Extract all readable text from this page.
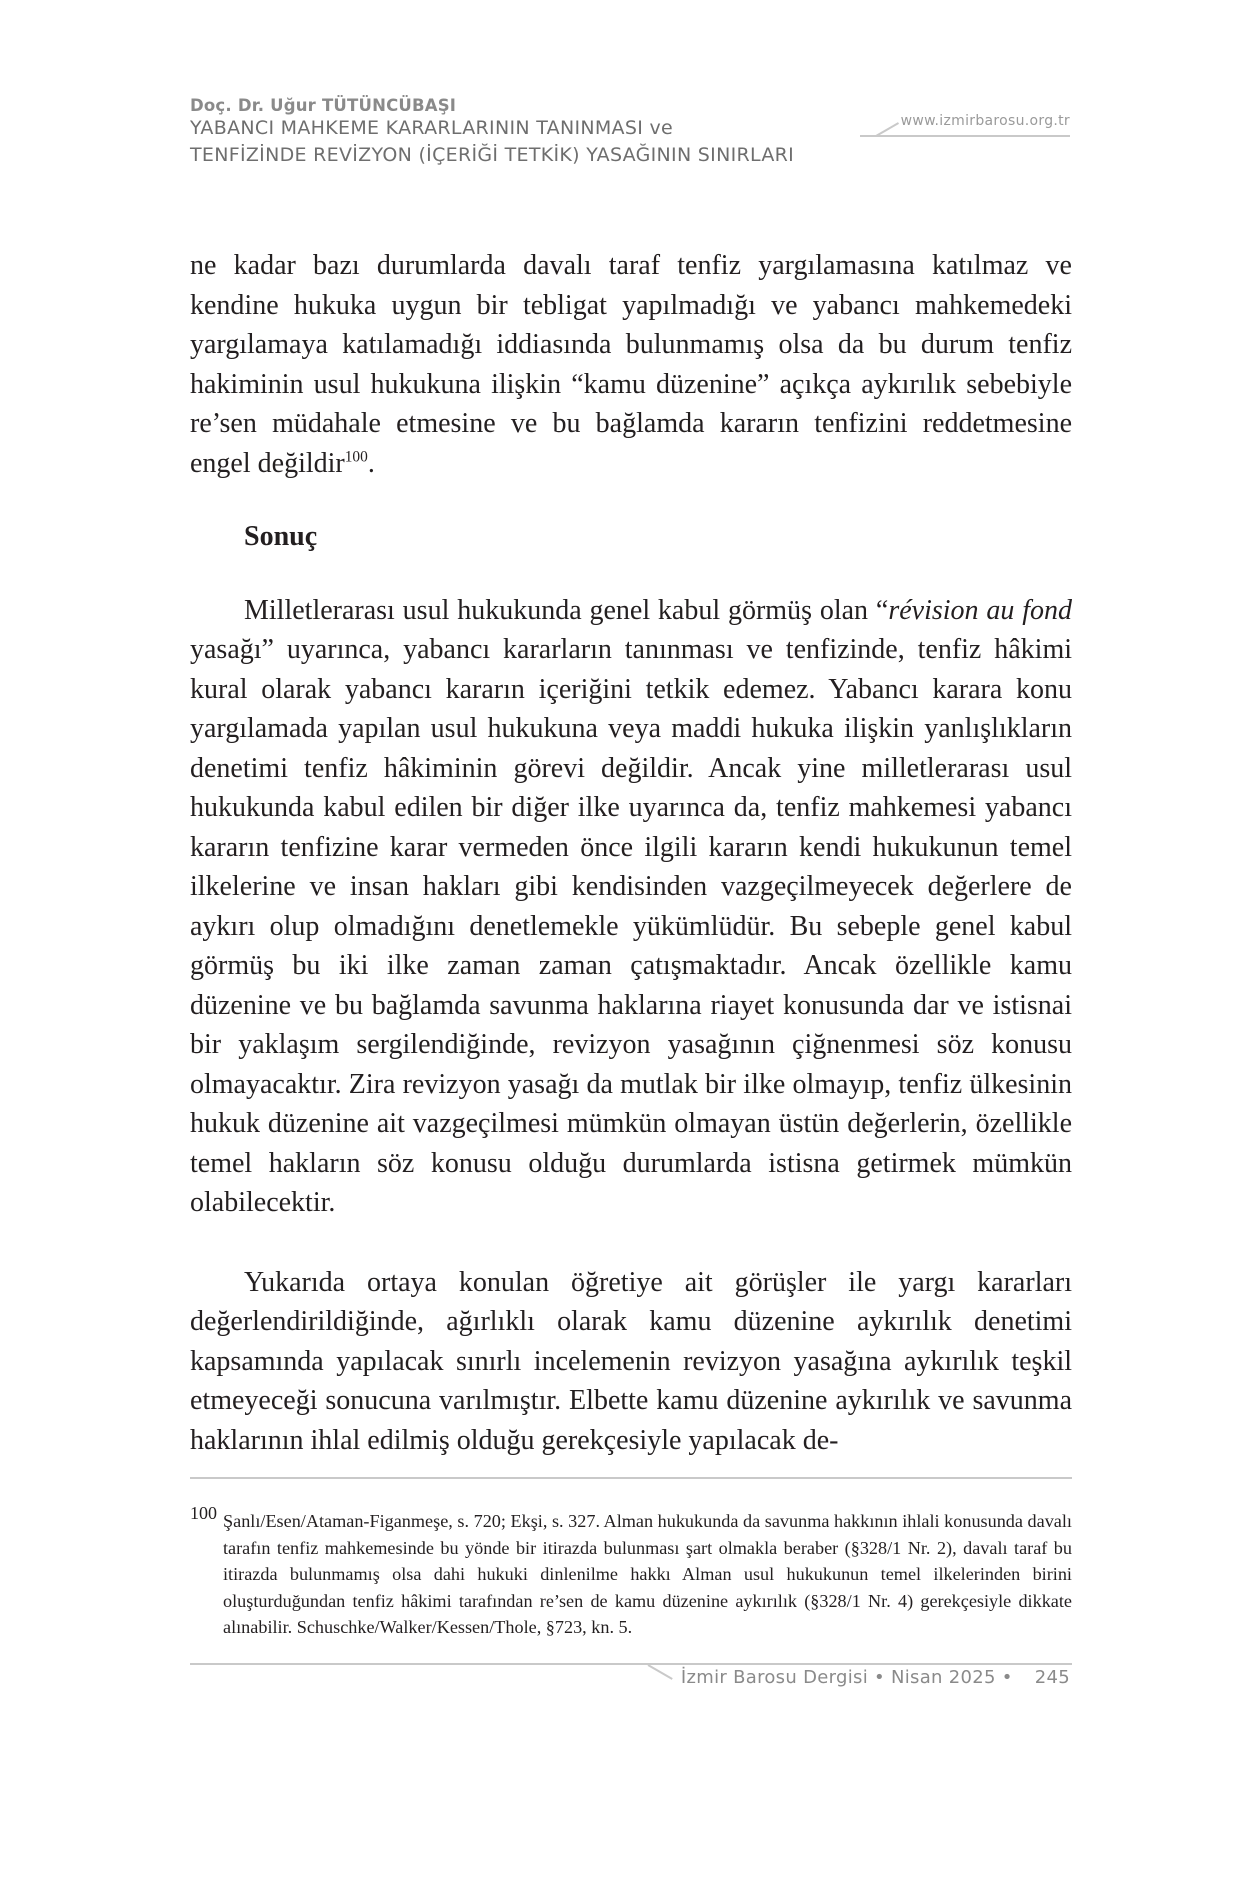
Doç. Dr. Uğur TÜTÜNCÜBAŞI
YABANCI MAHKEME KARARLARININ TANINMASI ve
TENFİZİNDE REVİZYON (İÇERİĞİ TETKİK) YASAĞININ SINIRLARI
www.izmirbarosu.org.tr

ne kadar bazı durumlarda davalı taraf tenfiz yargılamasına katılmaz ve kendine hukuka uygun bir tebligat yapılmadığı ve yabancı mahkemedeki yargılamaya katılamadığı iddiasında bulunmamış olsa da bu durum tenfiz hakiminin usul hukukuna ilişkin “kamu düzenine” açıkça aykırılık sebebiyle re’sen müdahale etmesine ve bu bağlamda kararın tenfizini reddetmesine engel değildir$^{100}$.

Sonuç

Milletlerarası usul hukukunda genel kabul görmüş olan “révision au fond yasağı” uyarınca, yabancı kararların tanınması ve tenfizinde, tenfiz hâkimi kural olarak yabancı kararın içeriğini tetkik edemez. Yabancı karara konu yargılamada yapılan usul hukukuna veya maddi hukuka ilişkin yanlışlıkların denetimi tenfiz hâkiminin görevi değildir. Ancak yine milletlerarası usul hukukunda kabul edilen bir diğer ilke uyarınca da, tenfiz mahkemesi yabancı kararın tenfizine karar vermeden önce ilgili kararın kendi hukukunun temel ilkelerine ve insan hakları gibi kendisinden vazgeçilmeyecek değerlere de aykırı olup olmadığını denetlemekle yükümlüdür. Bu sebeple genel kabul görmüş bu iki ilke zaman zaman çatışmaktadır. Ancak özellikle kamu düzenine ve bu bağlamda savunma haklarına riayet konusunda dar ve istisnai bir yaklaşım sergilendiğinde, revizyon yasağının çiğnenmesi söz konusu olmayacaktır. Zira revizyon yasağı da mutlak bir ilke olmayıp, tenfiz ülkesinin hukuk düzenine ait vazgeçilmesi mümkün olmayan üstün değerlerin, özellikle temel hakların söz konusu olduğu durumlarda istisna getirmek mümkün olabilecektir.

Yukarıda ortaya konulan öğretiye ait görüşler ile yargı kararları değerlendirildiğinde, ağırlıklı olarak kamu düzenine aykırılık denetimi kapsamında yapılacak sınırlı incelemenin revizyon yasağına aykırılık teşkil etmeyeceği sonucuna varılmıştır. Elbette kamu düzenine aykırılık ve savunma haklarının ihlal edilmiş olduğu gerekçesiyle yapılacak de-

100 Şanlı/Esen/Ataman-Figanmeşe, s. 720; Ekşi, s. 327. Alman hukukunda da savunma hakkının ihlali konusunda davalı tarafın tenfiz mahkemesinde bu yönde bir itirazda bulunması şart olmakla beraber (§328/1 Nr. 2), davalı taraf bu itirazda bulunmamış olsa dahi hukuki dinlenilme hakkı Alman usul hukukunun temel ilkelerinden birini oluşturduğundan tenfiz hâkimi tarafından re’sen de kamu düzenine aykırılık (§328/1 Nr. 4) gerekçesiyle dikkate alınabilir. Schuschke/Walker/Kessen/Thole, §723, kn. 5.
İzmir Barosu Dergisi • Nisan 2025 • 245
